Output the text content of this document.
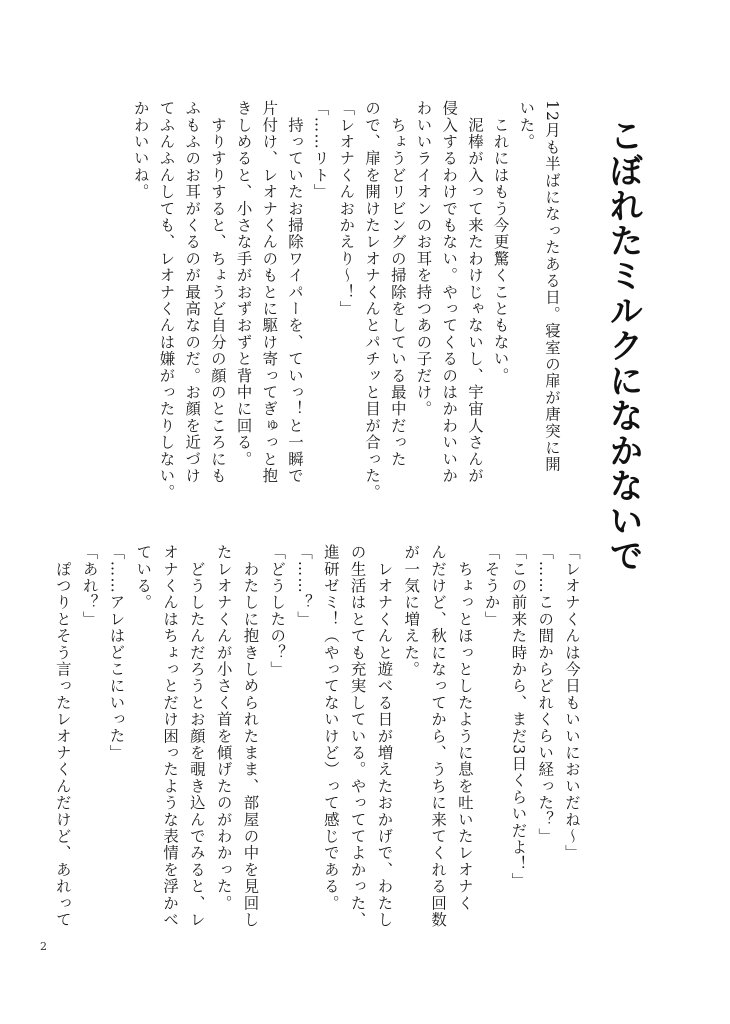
こぼれたミルクになかないで
12月も半ばになったある日。寝室の扉が唐突に開
いた。
　これにはもう今更驚くこともない。
　泥棒が入って来たわけじゃないし、宇宙人さんが
侵入するわけでもない。やってくるのはかわいいか
わいいライオンのお耳を持つあの子だけ。
　ちょうどリビングの掃除をしている最中だった
ので、扉を開けたレオナくんとパチッと目が合った。
「レオナくんおかえり〜！」
「……リト」
　持っていたお掃除ワイパーを、ていっ！と一瞬で
片付け、レオナくんのもとに駆け寄ってぎゅっと抱
きしめると、小さな手がおずおずと背中に回る。
　すりすりすると、ちょうど自分の顔のところにも
ふもふのお耳がくるのが最高なのだ。お顔を近づけ
てふんふんしても、レオナくんは嫌がったりしない。
かわいいね。
「レオナくんは今日もいいにおいだね〜」
「……この間からどれくらい経った？」
「この前来た時から、まだ3日くらいだよ！」
「そうか」
　ちょっとほっとしたように息を吐いたレオナく
んだけど、秋になってから、うちに来てくれる回数
が一気に増えた。
　レオナくんと遊べる日が増えたおかげで、わたし
の生活はとても充実している。やっててよかった、
進研ゼミ！（やってないけど）って感じである。
「……？」
「どうしたの？」
　わたしに抱きしめられたまま、部屋の中を見回し
たレオナくんが小さく首を傾げたのがわかった。
　どうしたんだろうとお顔を覗き込んでみると、レ
オナくんはちょっとだけ困ったような表情を浮かべ
ている。
「……アレはどこにいった」
「あれ？」
　ぽつりとそう言ったレオナくんだけど、あれって
2
